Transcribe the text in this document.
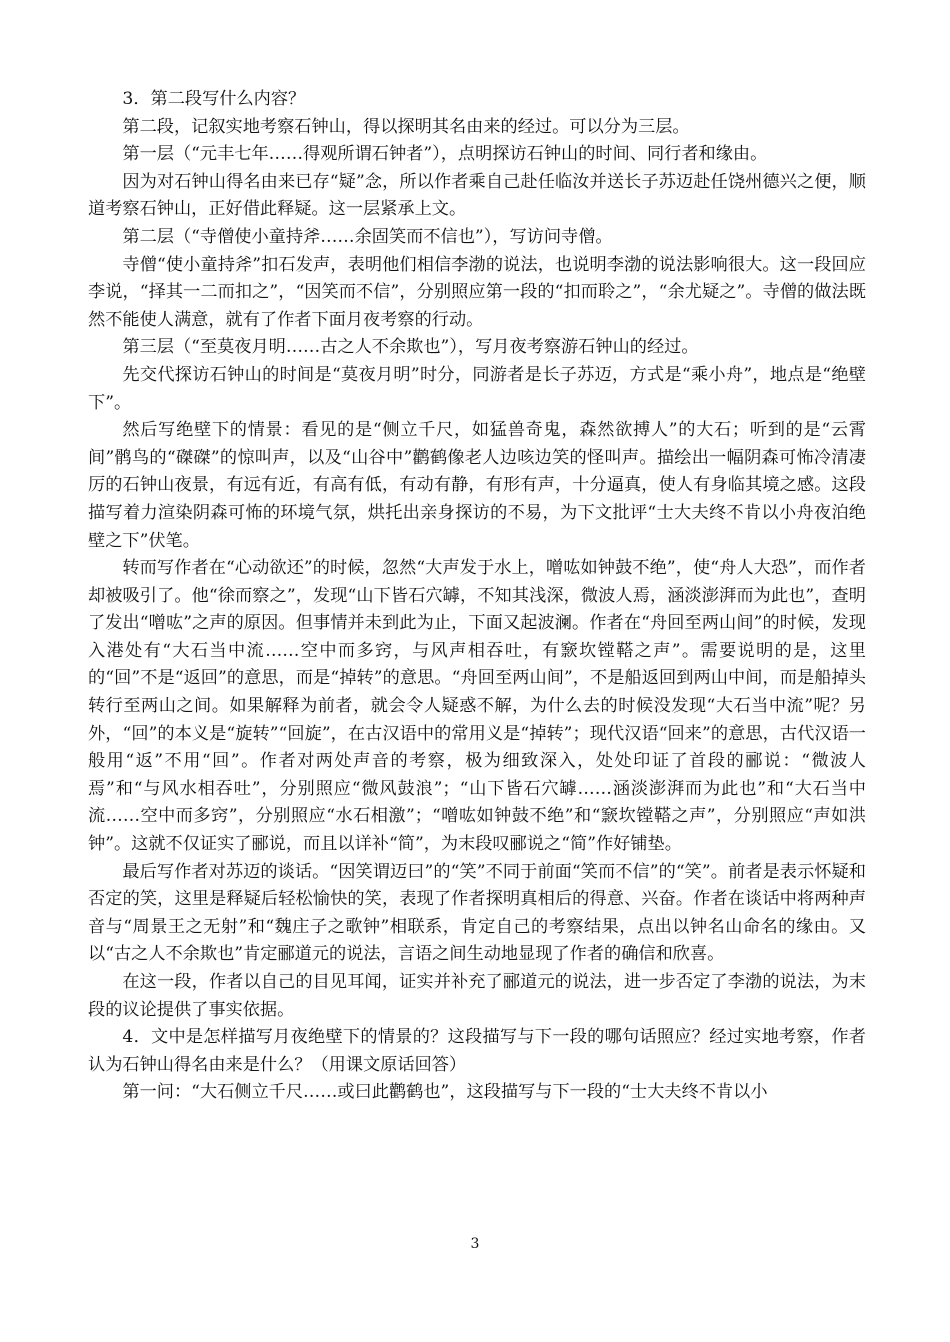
3．第二段写什么内容？

第二段，记叙实地考察石钟山，得以探明其名由来的经过。可以分为三层。

第一层（“元丰七年……得观所谓石钟者”），点明探访石钟山的时间、同行者和缘由。

因为对石钟山得名由来已存“疑”念，所以作者乘自己赴任临汝并送长子苏迈赴任饶州德兴之便，顺道考察石钟山，正好借此释疑。这一层紧承上文。

第二层（“寺僧使小童持斧……余固笑而不信也”），写访问寺僧。

寺僧“使小童持斧”扣石发声，表明他们相信李渤的说法，也说明李渤的说法影响很大。这一段回应李说，“择其一二而扣之”，“因笑而不信”，分别照应第一段的“扣而聆之”，“余尤疑之”。寺僧的做法既然不能使人满意，就有了作者下面月夜考察的行动。

第三层（“至莫夜月明……古之人不余欺也”），写月夜考察游石钟山的经过。

先交代探访石钟山的时间是“莫夜月明”时分，同游者是长子苏迈，方式是“乘小舟”，地点是“绝壁下”。

然后写绝壁下的情景：看见的是“侧立千尺，如猛兽奇鬼，森然欲搏人”的大石；听到的是“云霄间”鹘鸟的“磔磔”的惊叫声，以及“山谷中”鹳鹤像老人边咳边笑的怪叫声。描绘出一幅阴森可怖冷清凄厉的石钟山夜景，有远有近，有高有低，有动有静，有形有声，十分逼真，使人有身临其境之感。这段描写着力渲染阴森可怖的环境气氛，烘托出亲身探访的不易，为下文批评“士大夫终不肯以小舟夜泊绝壁之下”伏笔。

转而写作者在“心动欲还”的时候，忽然“大声发于水上，噌吰如钟鼓不绝”，使“舟人大恐”，而作者却被吸引了。他“徐而察之”，发现“山下皆石穴罅，不知其浅深，微波人焉，涵淡澎湃而为此也”，查明了发出“噌吰”之声的原因。但事情并未到此为止，下面又起波澜。作者在“舟回至两山间”的时候，发现入港处有“大石当中流……空中而多窍，与风声相吞吐，有窾坎镗鞳之声”。需要说明的是，这里的“回”不是“返回”的意思，而是“掉转”的意思。“舟回至两山间”，不是船返回到两山中间，而是船掉头转行至两山之间。如果解释为前者，就会令人疑惑不解，为什么去的时候没发现“大石当中流”呢？另外，“回”的本义是“旋转”“回旋”，在古汉语中的常用义是“掉转”；现代汉语“回来”的意思，古代汉语一般用“返”不用“回”。作者对两处声音的考察，极为细致深入，处处印证了首段的郦说：“微波人焉”和“与风水相吞吐”，分别照应“微风鼓浪”；“山下皆石穴罅……涵淡澎湃而为此也”和“大石当中流……空中而多窍”，分别照应“水石相激”；“噌吰如钟鼓不绝”和“窾坎镗鞳之声”，分别照应“声如洪钟”。这就不仅证实了郦说，而且以详补“简”，为末段叹郦说之“简”作好铺垫。

最后写作者对苏迈的谈话。“因笑谓迈曰”的“笑”不同于前面“笑而不信”的“笑”。前者是表示怀疑和否定的笑，这里是释疑后轻松愉快的笑，表现了作者探明真相后的得意、兴奋。作者在谈话中将两种声音与“周景王之无射”和“魏庄子之歌钟”相联系，肯定自己的考察结果，点出以钟名山命名的缘由。又以“古之人不余欺也”肯定郦道元的说法，言语之间生动地显现了作者的确信和欣喜。

在这一段，作者以自己的目见耳闻，证实并补充了郦道元的说法，进一步否定了李渤的说法，为末段的议论提供了事实依据。

4．文中是怎样描写月夜绝壁下的情景的？这段描写与下一段的哪句话照应？经过实地考察，作者认为石钟山得名由来是什么？（用课文原话回答）

第一问：“大石侧立千尺……或曰此鹳鹤也”，这段描写与下一段的“士大夫终不肯以小

3
